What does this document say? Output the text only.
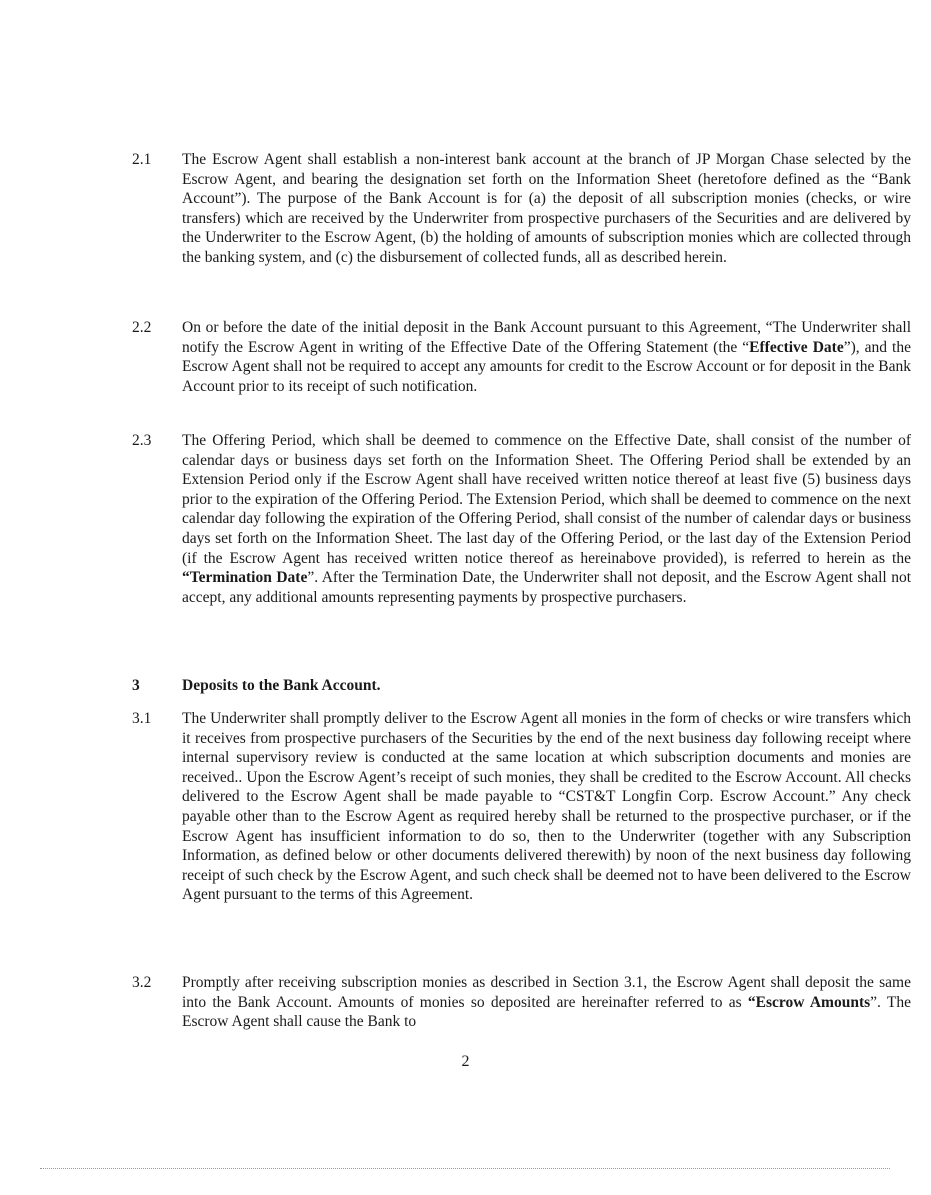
2.1 The Escrow Agent shall establish a non-interest bank account at the branch of JP Morgan Chase selected by the Escrow Agent, and bearing the designation set forth on the Information Sheet (heretofore defined as the “Bank Account”). The purpose of the Bank Account is for (a) the deposit of all subscription monies (checks, or wire transfers) which are received by the Underwriter from prospective purchasers of the Securities and are delivered by the Underwriter to the Escrow Agent, (b) the holding of amounts of subscription monies which are collected through the banking system, and (c) the disbursement of collected funds, all as described herein.

2.2 On or before the date of the initial deposit in the Bank Account pursuant to this Agreement, “The Underwriter shall notify the Escrow Agent in writing of the Effective Date of the Offering Statement (the “Effective Date”), and the Escrow Agent shall not be required to accept any amounts for credit to the Escrow Account or for deposit in the Bank Account prior to its receipt of such notification.

2.3 The Offering Period, which shall be deemed to commence on the Effective Date, shall consist of the number of calendar days or business days set forth on the Information Sheet. The Offering Period shall be extended by an Extension Period only if the Escrow Agent shall have received written notice thereof at least five (5) business days prior to the expiration of the Offering Period. The Extension Period, which shall be deemed to commence on the next calendar day following the expiration of the Offering Period, shall consist of the number of calendar days or business days set forth on the Information Sheet. The last day of the Offering Period, or the last day of the Extension Period (if the Escrow Agent has received written notice thereof as hereinabove provided), is referred to herein as the “Termination Date”. After the Termination Date, the Underwriter shall not deposit, and the Escrow Agent shall not accept, any additional amounts representing payments by prospective purchasers.

3	Deposits to the Bank Account.
3.1 The Underwriter shall promptly deliver to the Escrow Agent all monies in the form of checks or wire transfers which it receives from prospective purchasers of the Securities by the end of the next business day following receipt where internal supervisory review is conducted at the same location at which subscription documents and monies are received.. Upon the Escrow Agent’s receipt of such monies, they shall be credited to the Escrow Account. All checks delivered to the Escrow Agent shall be made payable to “CST&T Longfin Corp. Escrow Account.” Any check payable other than to the Escrow Agent as required hereby shall be returned to the prospective purchaser, or if the Escrow Agent has insufficient information to do so, then to the Underwriter (together with any Subscription Information, as defined below or other documents delivered therewith) by noon of the next business day following receipt of such check by the Escrow Agent, and such check shall be deemed not to have been delivered to the Escrow Agent pursuant to the terms of this Agreement.

3.2 Promptly after receiving subscription monies as described in Section 3.1, the Escrow Agent shall deposit the same into the Bank Account. Amounts of monies so deposited are hereinafter referred to as “Escrow Amounts”. The Escrow Agent shall cause the Bank to

2
